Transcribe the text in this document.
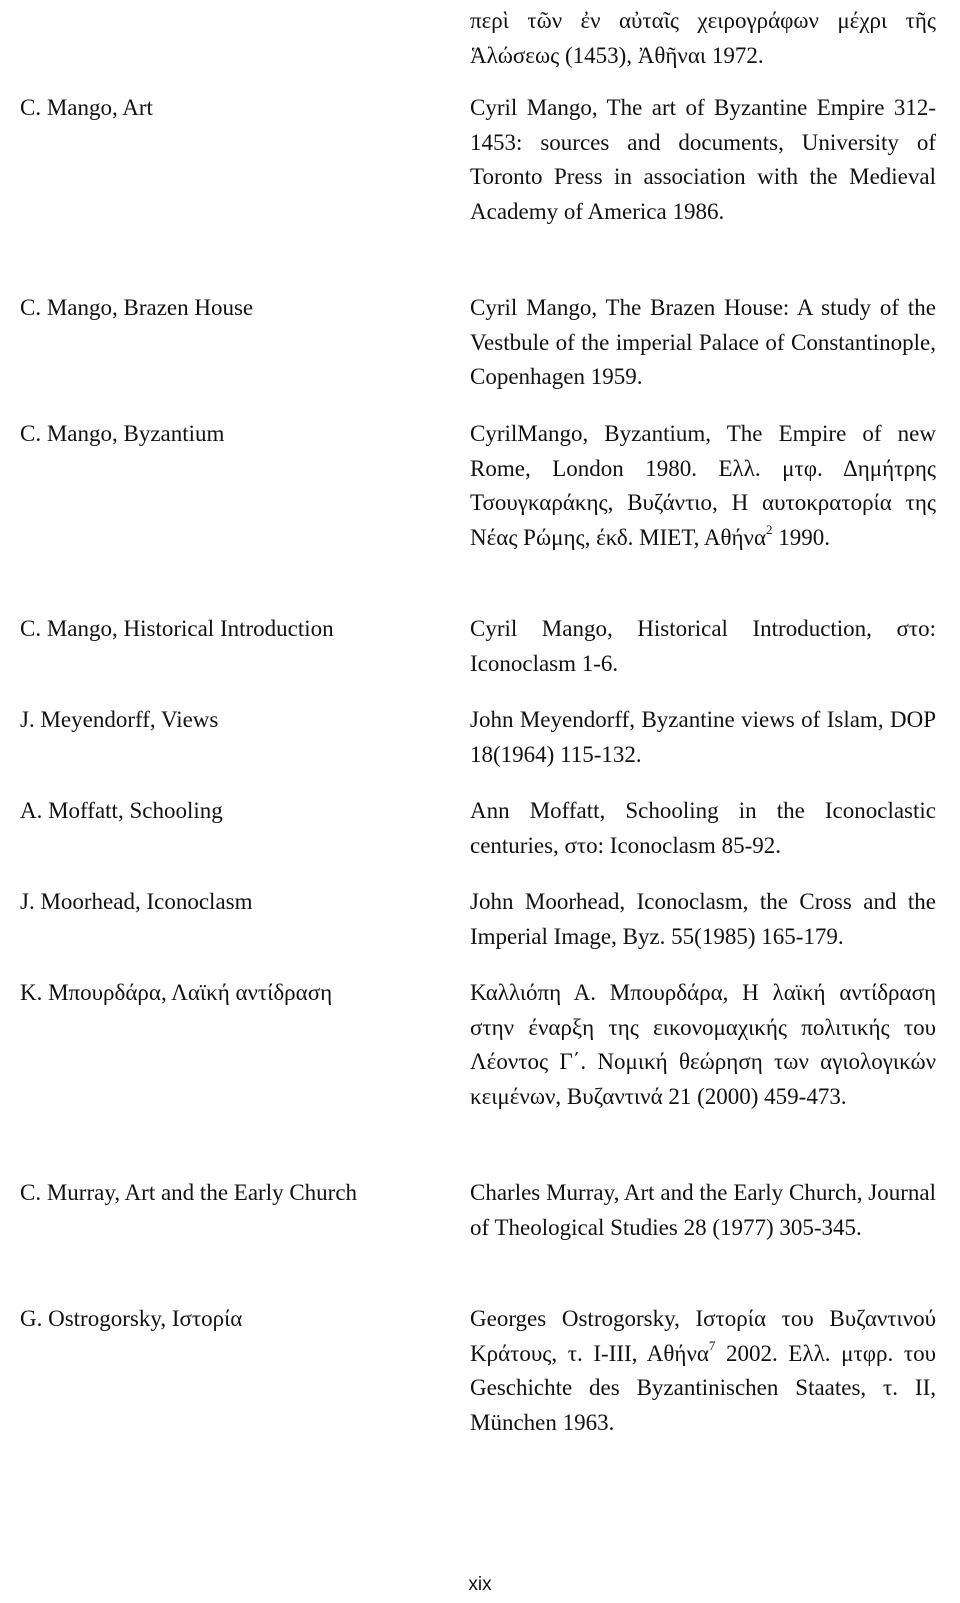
περὶ τῶν ἐν αὐταῖς χειρογράφων μέχρι τῆς Ἁλώσεως (1453), Ἀθῆναι 1972.
C. Mango, Art	Cyril Mango, The art of Byzantine Empire 312-1453: sources and documents, University of Toronto Press in association with the Medieval Academy of America 1986.
C. Mango, Brazen House	Cyril Mango, The Brazen House: A study of the Vestbule of the imperial Palace of Constantinople, Copenhagen 1959.
C. Mango, Byzantium	CyrilMango, Byzantium, The Empire of new Rome, London 1980. Ελλ. μτφ. Δημήτρης Τσουγκαράκης, Βυζάντιο, Η αυτοκρατορία της Νέας Ρώμης, έκδ. ΜΙΕΤ, Αθήνα$^2$ 1990.
C. Mango, Historical Introduction	Cyril Mango, Historical Introduction, στο: Iconoclasm 1-6.
J. Meyendorff, Views	John Meyendorff, Byzantine views of Islam, DOP 18(1964) 115-132.
A. Moffatt, Schooling	Ann Moffatt, Schooling in the Iconoclastic centuries, στο: Iconoclasm 85-92.
J. Moorhead, Iconoclasm	John Moorhead, Iconoclasm, the Cross and the Imperial Image, Byz. 55(1985) 165-179.
Κ. Μπουρδάρα, Λαϊκή αντίδραση	Καλλιόπη Α. Μπουρδάρα, Η λαϊκή αντίδραση στην έναρξη της εικονομαχικής πολιτικής του Λέοντος Γ΄. Νομική θεώρηση των αγιολογικών κειμένων, Βυζαντινά 21 (2000) 459-473.
C. Murray, Art and the Early Church	Charles Murray, Art and the Early Church, Journal of Theological Studies 28 (1977) 305-345.
G. Ostrogorsky, Ιστορία	Georges Ostrogorsky, Ιστορία του Βυζαντινού Κράτους, τ. Ι-ΙΙΙ, Αθήνα$^7$ 2002. Ελλ. μτφρ. του Geschichte des Byzantinischen Staates, τ. ΙΙ, München 1963.
xix
